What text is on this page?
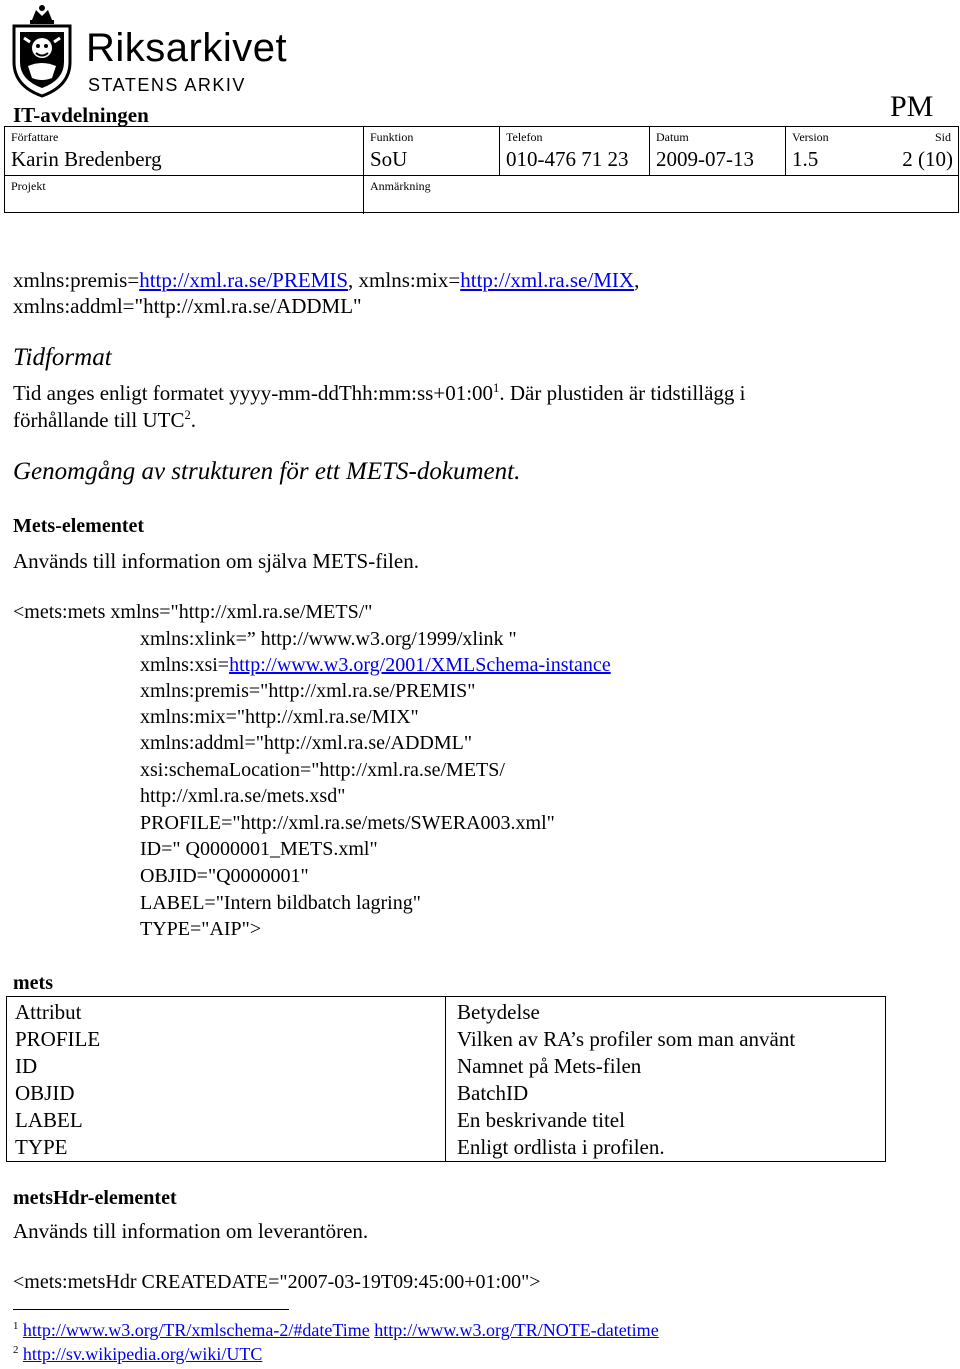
Riksarkivet
STATENS ARKIV
IT-avdelningen	PM
Författare
Karin Bredenberg
Funktion
SoU
Telefon
010-476 71 23
Datum
2009-07-13
Version
1.5
Sid
2 (10)
Projekt	Anmärkning
xmlns:premis=http://xml.ra.se/PREMIS, xmlns:mix=http://xml.ra.se/MIX,
xmlns:addml="http://xml.ra.se/ADDML"
Tidformat
Tid anges enligt formatet yyyy-$mm-ddThh:mm:ss+01:00^1$. Där plustiden är tidstillägg i
förhållande till UTC$^2$.
Genomgång av strukturen för ett METS-dokument.
Mets-elementet
Används till information om själva METS-filen.
<mets:mets xmlns="http://xml.ra.se/METS/"
xmlns:xlink=” http://www.w3.org/1999/xlink "
xmlns:xsi=http://www.w3.org/2001/XMLSchema-instance
xmlns:premis="http://xml.ra.se/PREMIS"
xmlns:mix="http://xml.ra.se/MIX"
xmlns:addml="http://xml.ra.se/ADDML"
xsi:schemaLocation="http://xml.ra.se/METS/
http://xml.ra.se/mets.xsd"
PROFILE="http://xml.ra.se/mets/SWERA003.xml"
ID=" Q0000001_METS.xml"
OBJID="Q0000001"
LABEL="Intern bildbatch lagring"
TYPE="AIP">
mets
Attribut	Betydelse
PROFILE	Vilken av RA’s profiler som man använt
ID	Namnet på Mets-filen
OBJID	BatchID
LABEL	En beskrivande titel
TYPE	Enligt ordlista i profilen.
metsHdr-elementet
Används till information om leverantören.
<mets:metsHdr CREATEDATE="2007-03-19T09:45:00+01:00">
$^1$ http://www.w3.org/TR/xmlschema-2/#dateTime http://www.w3.org/TR/NOTE-datetime
$^2$ http://sv.wikipedia.org/wiki/UTC
